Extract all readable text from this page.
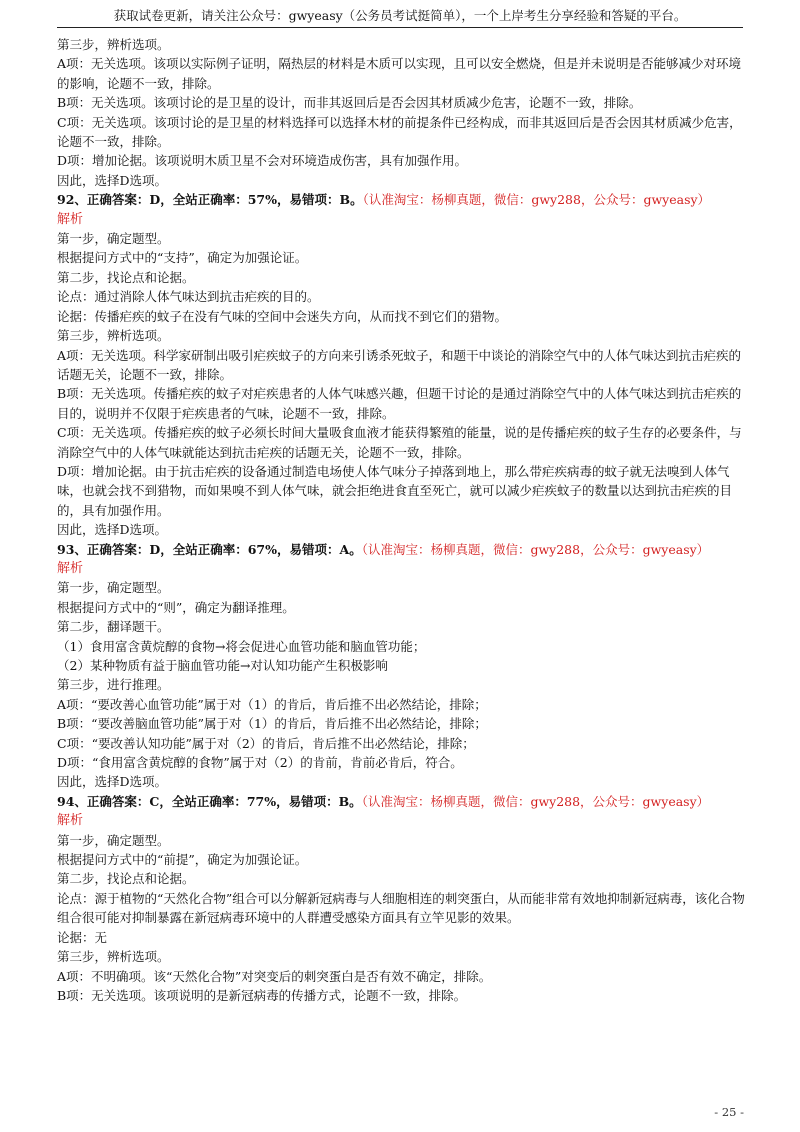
获取试卷更新，请关注公众号：gwyeasy（公务员考试挺简单），一个上岸考生分享经验和答疑的平台。
第三步，辨析选项。
A项：无关选项。该项以实际例子证明，隔热层的材料是木质可以实现，且可以安全燃烧，但是并未说明是否能够减少对环境的影响，论题不一致，排除。
B项：无关选项。该项讨论的是卫星的设计，而非其返回后是否会因其材质减少危害，论题不一致，排除。
C项：无关选项。该项讨论的是卫星的材料选择可以选择木材的前提条件已经构成，而非其返回后是否会因其材质减少危害，论题不一致，排除。
D项：增加论据。该项说明木质卫星不会对环境造成伤害，具有加强作用。
因此，选择D选项。
92、正确答案：D，全站正确率：57%，易错项：B。（认准淘宝：杨柳真题，微信：gwy288，公众号：gwyeasy）
解析
第一步，确定题型。
根据提问方式中的“支持”，确定为加强论证。
第二步，找论点和论据。
论点：通过消除人体气味达到抗击疟疾的目的。
论据：传播疟疾的蚊子在没有气味的空间中会迷失方向，从而找不到它们的猎物。
第三步，辨析选项。
A项：无关选项。科学家研制出吸引疟疾蚊子的方向来引诱杀死蚊子，和题干中谈论的消除空气中的人体气味达到抗击疟疾的话题无关，论题不一致，排除。
B项：无关选项。传播疟疾的蚊子对疟疾患者的人体气味感兴趣，但题干讨论的是通过消除空气中的人体气味达到抗击疟疾的目的，说明并不仅限于疟疾患者的气味，论题不一致，排除。
C项：无关选项。传播疟疾的蚊子必须长时间大量吸食血液才能获得繁殖的能量，说的是传播疟疾的蚊子生存的必要条件，与消除空气中的人体气味就能达到抗击疟疾的话题无关，论题不一致，排除。
D项：增加论据。由于抗击疟疾的设备通过制造电场使人体气味分子掉落到地上，那么带疟疾病毒的蚊子就无法嗅到人体气味，也就会找不到猎物，而如果嗅不到人体气味，就会拒绝进食直至死亡，就可以减少疟疾蚊子的数量以达到抗击疟疾的目的，具有加强作用。
因此，选择D选项。
93、正确答案：D，全站正确率：67%，易错项：A。（认准淘宝：杨柳真题，微信：gwy288，公众号：gwyeasy）
解析
第一步，确定题型。
根据提问方式中的“则”，确定为翻译推理。
第二步，翻译题干。
（1）食用富含黄烷醇的食物→将会促进心血管功能和脑血管功能；
（2）某种物质有益于脑血管功能→对认知功能产生积极影响
第三步，进行推理。
A项：“要改善心血管功能”属于对（1）的肯后，肯后推不出必然结论，排除；
B项：“要改善脑血管功能”属于对（1）的肯后，肯后推不出必然结论，排除；
C项：“要改善认知功能”属于对（2）的肯后，肯后推不出必然结论，排除；
D项：“食用富含黄烷醇的食物”属于对（2）的肯前，肯前必肯后，符合。
因此，选择D选项。
94、正确答案：C，全站正确率：77%，易错项：B。（认准淘宝：杨柳真题，微信：gwy288，公众号：gwyeasy）
解析
第一步，确定题型。
根据提问方式中的“前提”，确定为加强论证。
第二步，找论点和论据。
论点：源于植物的“天然化合物”组合可以分解新冠病毒与人细胞相连的刺突蛋白，从而能非常有效地抑制新冠病毒，该化合物组合很可能对抑制暴露在新冠病毒环境中的人群遭受感染方面具有立竿见影的效果。
论据：无
第三步，辨析选项。
A项：不明确项。该“天然化合物”对突变后的刺突蛋白是否有效不确定，排除。
B项：无关选项。该项说明的是新冠病毒的传播方式，论题不一致，排除。
- 25 -
